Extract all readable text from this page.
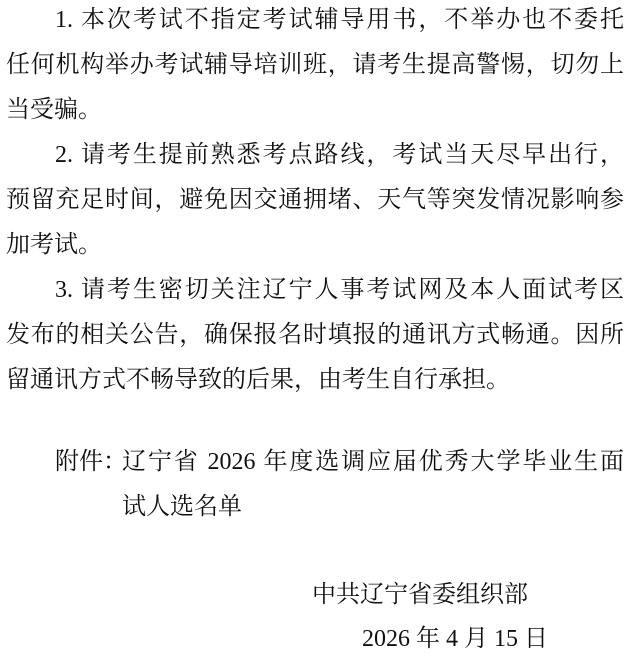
1. 本次考试不指定考试辅导用书，不举办也不委托
任何机构举办考试辅导培训班，请考生提高警惕，切勿上
当受骗。
2. 请考生提前熟悉考点路线，考试当天尽早出行，
预留充足时间，避免因交通拥堵、天气等突发情况影响参
加考试。
3. 请考生密切关注辽宁人事考试网及本人面试考区
发布的相关公告，确保报名时填报的通讯方式畅通。因所
留通讯方式不畅导致的后果，由考生自行承担。
附件：
辽宁省 2026 年度选调应届优秀大学毕业生面
试人选名单
中共辽宁省委组织部
2026 年 4 月 15 日
